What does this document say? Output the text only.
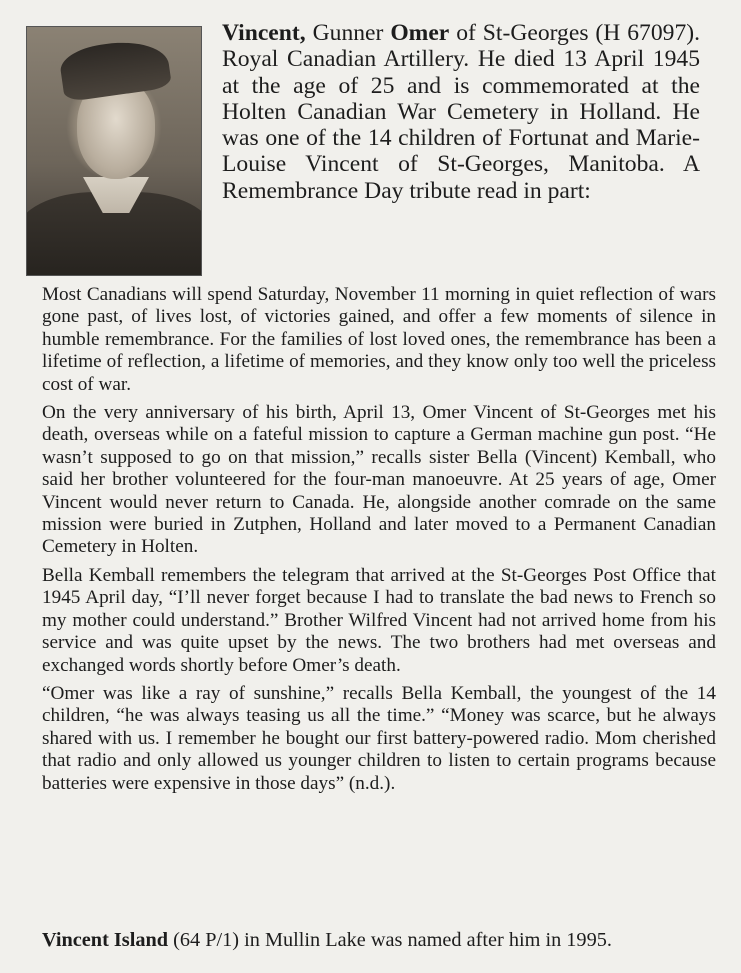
Vincent, Gunner Omer of St-Georges (H 67097). Royal Canadian Artillery. He died 13 April 1945 at the age of 25 and is commemorated at the Holten Canadian War Cemetery in Holland. He was one of the 14 children of Fortunat and Marie-Louise Vincent of St-Georges, Manitoba. A Remembrance Day tribute read in part:

Most Canadians will spend Saturday, November 11 morning in quiet reflection of wars gone past, of lives lost, of victories gained, and offer a few moments of silence in humble remembrance. For the families of lost loved ones, the remembrance has been a lifetime of reflection, a lifetime of memories, and they know only too well the priceless cost of war.

On the very anniversary of his birth, April 13, Omer Vincent of St-Georges met his death, overseas while on a fateful mission to capture a German machine gun post. “He wasn’t supposed to go on that mission,” recalls sister Bella (Vincent) Kemball, who said her brother volunteered for the four-man manoeuvre. At 25 years of age, Omer Vincent would never return to Canada. He, alongside another comrade on the same mission were buried in Zutphen, Holland and later moved to a Permanent Canadian Cemetery in Holten.

Bella Kemball remembers the telegram that arrived at the St-Georges Post Office that 1945 April day, “I’ll never forget because I had to translate the bad news to French so my mother could understand.” Brother Wilfred Vincent had not arrived home from his service and was quite upset by the news. The two brothers had met overseas and exchanged words shortly before Omer’s death.

“Omer was like a ray of sunshine,” recalls Bella Kemball, the youngest of the 14 children, “he was always teasing us all the time.” “Money was scarce, but he always shared with us. I remember he bought our first battery-powered radio. Mom cherished that radio and only allowed us younger children to listen to certain programs because batteries were expensive in those days” (n.d.).

Vincent Island (64 P/1) in Mullin Lake was named after him in 1995.
